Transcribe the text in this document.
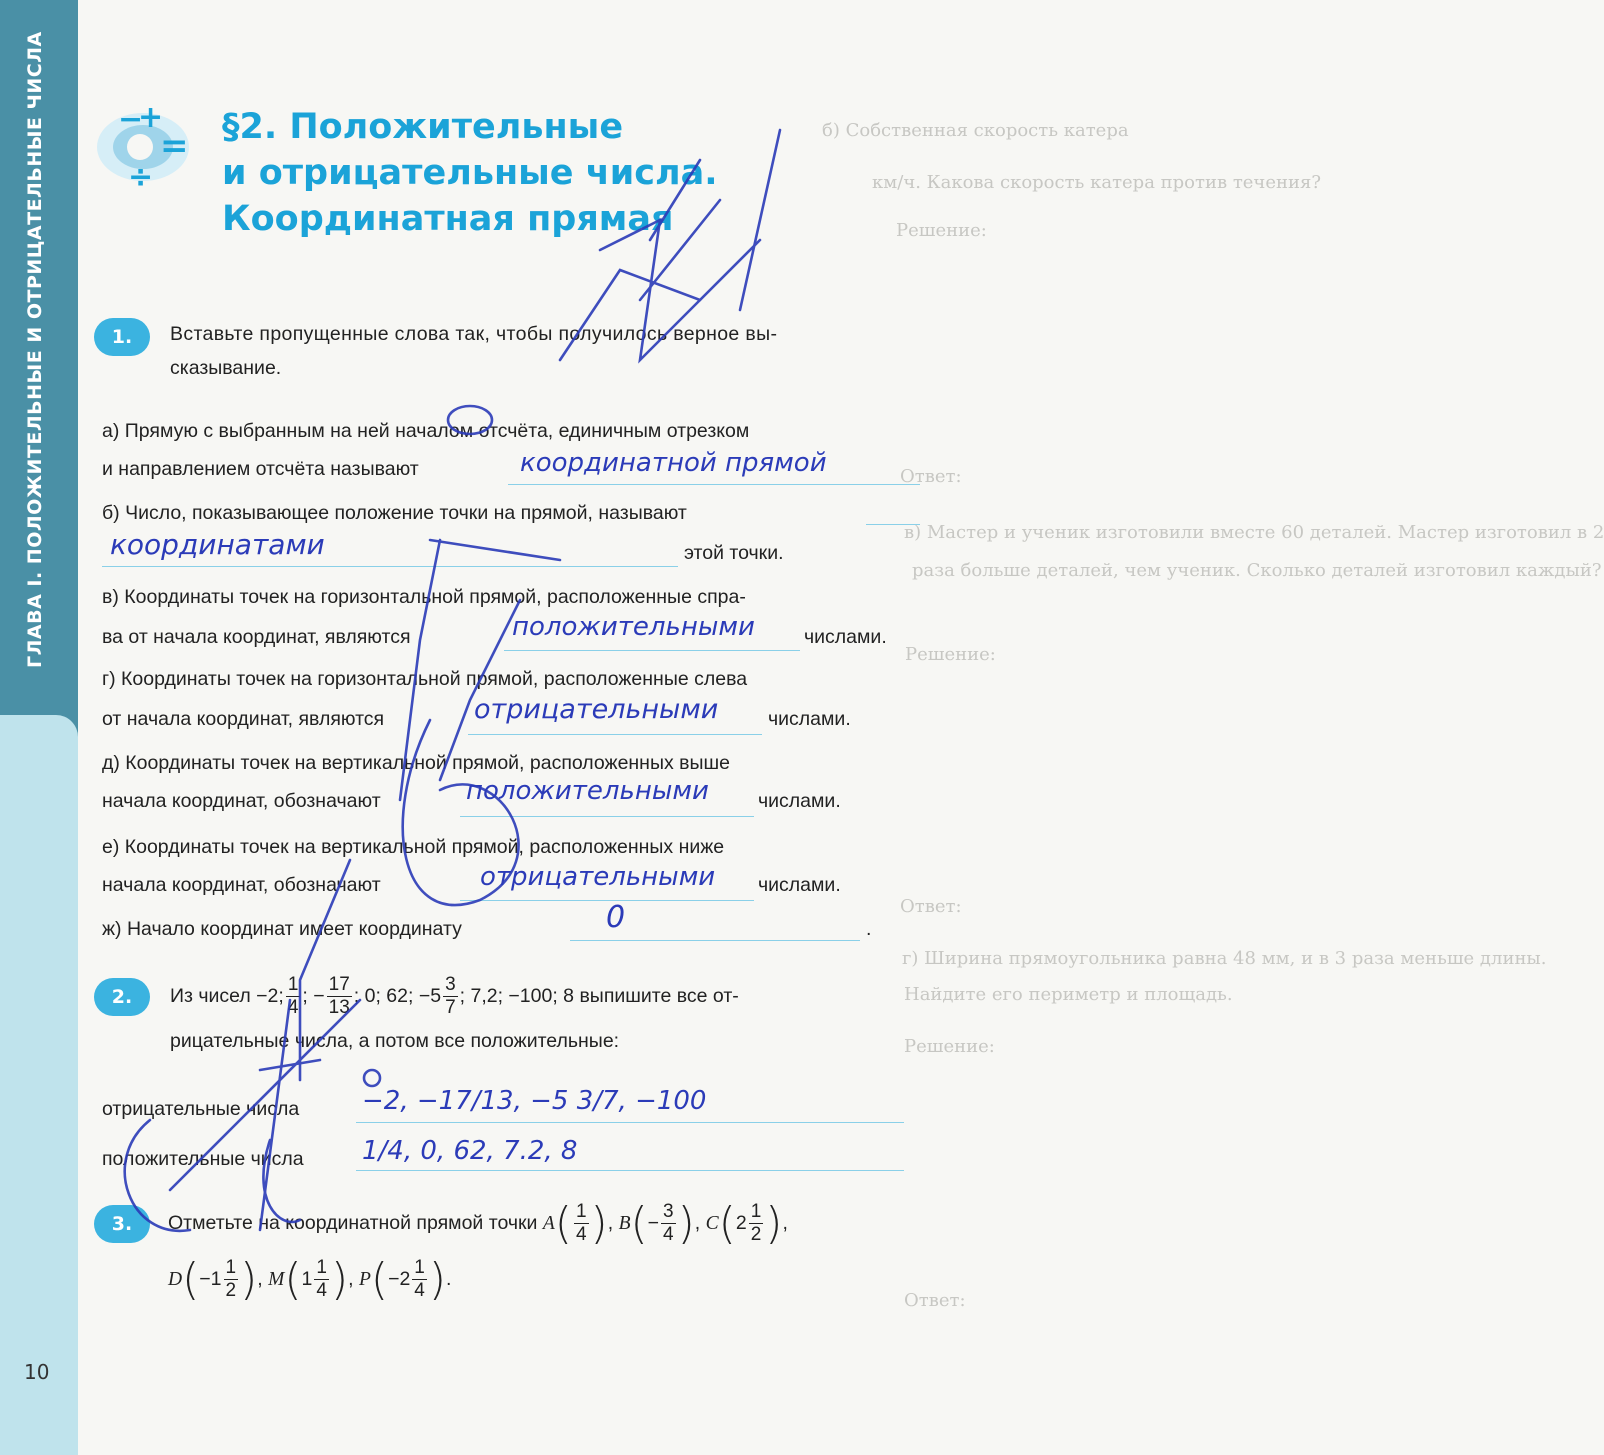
ГЛАВА I. ПОЛОЖИТЕЛЬНЫЕ И ОТРИЦАТЕЛЬНЫЕ ЧИСЛА
10
б) Собственная скорость катера
км/ч. Какова скорость катера против течения?
Решение:
Ответ:
в) Мастер и ученик изготовили вместе 60 деталей. Мастер изготовил в 2
раза больше деталей, чем ученик. Сколько деталей изготовил каждый?
Решение:
Ответ:
г) Ширина прямоугольника равна 48 мм, и в 3 раза меньше длины.
Найдите его периметр и площадь.
Решение:
Ответ:
−
+
=
÷
§2. Положительные
и отрицательные числа.
Координатная прямая
1.	Вставьте пропущенные слова так, чтобы получилось верное вы-
сказывание.
а) Прямую с выбранным на ней началом отсчёта, единичным отрезком
и направлением отсчёта называют	координатной прямой
б) Число, показывающее положение точки на прямой, называют
координатами	этой точки.
в) Координаты точек на горизонтальной прямой, расположенные спра-
ва от начала координат, являются	положительными	числами.
г) Координаты точек на горизонтальной прямой, расположенные слева
от начала координат, являются	отрицательными	числами.
д) Координаты точек на вертикальной прямой, расположенных выше
начала координат, обозначают	положительными	числами.
е) Координаты точек на вертикальной прямой, расположенных ниже
начала координат, обозначают	отрицательными числами.
ж) Начало координат имеет координату	0	.
2.	Из чисел −2; $\frac{1}{4}$ ; − $\frac{17}{13}$ ; 0; 62; $-5 \frac{3}{7}$ ; 7,2; −100; 8 выпишите все от-
рицательные числа, а потом все положительные:
отрицательные числа −2, −17/13, −5 3/7, −100
положительные числа 1/4, 0, 62, 7.2, 8
3.	Отметьте на координатной прямой точки $A( \frac{1}{4}$ ), $B(- \frac{3}{4}$ ), $C(2 \frac{1}{2}$ ),
$D(-1 \frac{1}{2}$ ), $M(1 \frac{1}{4}$ ), $P(-2 \frac{1}{4}$ ).
